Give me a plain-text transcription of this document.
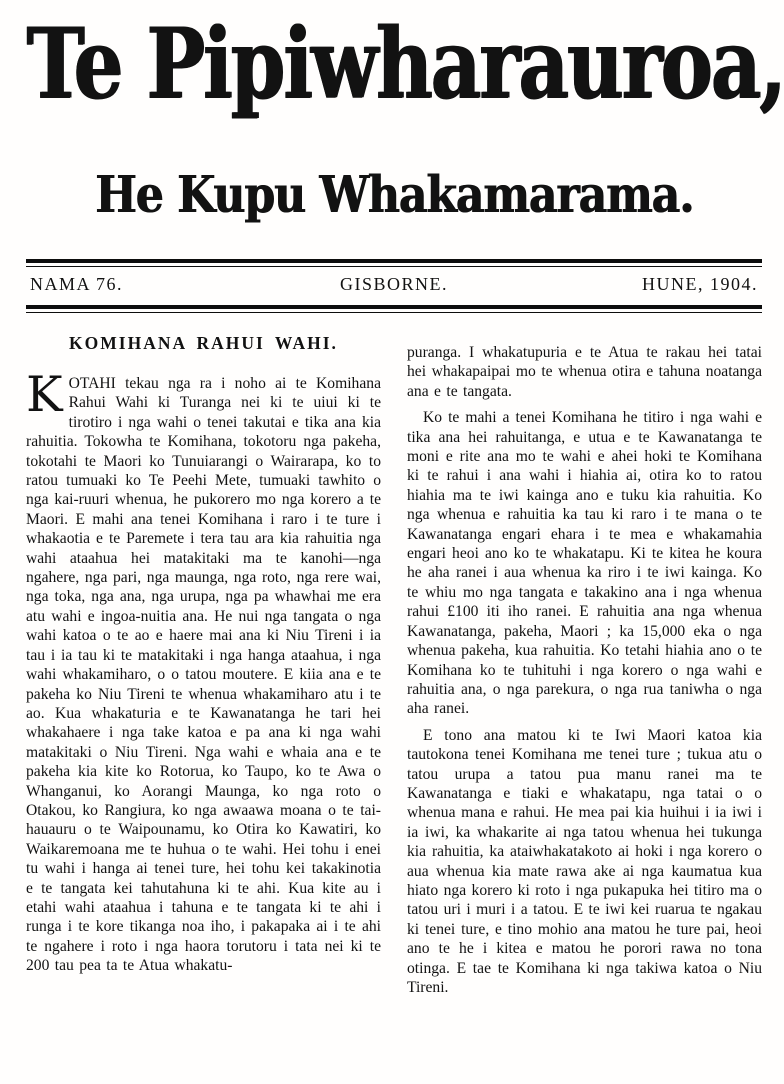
Te Pipiwharauroa,
He Kupu Whakamarama.
NAMA 76.	GISBORNE.	HUNE, 1904.
KOMIHANA RAHUI WAHI.
KOTAHI tekau nga ra i noho ai te Komihana Rahui Wahi ki Turanga nei ki te uiui ki te tirotiro i nga wahi o tenei takutai e tika ana kia rahuitia. Tokowha te Komihana, tokotoru nga pakeha, tokotahi te Maori ko Tunuiarangi o Wairarapa, ko to ratou tumuaki ko Te Peehi Mete, tumuaki tawhito o nga kai-ruuri whenua, he pukorero mo nga korero a te Maori. E mahi ana tenei Komihana i raro i te ture i whakaotia e te Paremete i tera tau ara kia rahuitia nga wahi ataahua hei matakitaki ma te kanohi—nga ngahere, nga pari, nga maunga, nga roto, nga rere wai, nga toka, nga ana, nga urupa, nga pa whawhai me era atu wahi e ingoa-nuitia ana. He nui nga tangata o nga wahi katoa o te ao e haere mai ana ki Niu Tireni i ia tau i ia tau ki te matakitaki i nga hanga ataahua, i nga wahi whakamiharo, o o tatou moutere. E kiia ana e te pakeha ko Niu Tireni te whenua whakamiharo atu i te ao. Kua whakaturia e te Kawanatanga he tari hei whakahaere i nga take katoa e pa ana ki nga wahi matakitaki o Niu Tireni. Nga wahi e whaia ana e te pakeha kia kite ko Rotorua, ko Taupo, ko te Awa o Whanganui, ko Aorangi Maunga, ko nga roto o Otakou, ko Rangiura, ko nga awaawa moana o te tai-hauauru o te Waipounamu, ko Otira ko Kawatiri, ko Waikaremoana me te huhua o te wahi. Hei tohu i enei tu wahi i hanga ai tenei ture, hei tohu kei takakinotia e te tangata kei tahutahuna ki te ahi. Kua kite au i etahi wahi ataahua i tahuna e te tangata ki te ahi i runga i te kore tikanga noa iho, i pakapaka ai i te ahi te ngahere i roto i nga haora torutoru i tata nei ki te 200 tau pea ta te Atua whakatu-

puranga. I whakatupuria e te Atua te rakau hei tatai hei whakapaipai mo te whenua otira e tahuna noatanga ana e te tangata.

Ko te mahi a tenei Komihana he titiro i nga wahi e tika ana hei rahuitanga, e utua e te Kawanatanga te moni e rite ana mo te wahi e ahei hoki te Komihana ki te rahui i ana wahi i hiahia ai, otira ko to ratou hiahia ma te iwi kainga ano e tuku kia rahuitia. Ko nga whenua e rahuitia ka tau ki raro i te mana o te Kawanatanga engari ehara i te mea e whakamahia engari heoi ano ko te whakatapu. Ki te kitea he koura he aha ranei i aua whenua ka riro i te iwi kainga. Ko te whiu mo nga tangata e takakino ana i nga whenua rahui £100 iti iho ranei. E rahuitia ana nga whenua Kawanatanga, pakeha, Maori ; ka 15,000 eka o nga whenua pakeha, kua rahuitia. Ko tetahi hiahia ano o te Komihana ko te tuhituhi i nga korero o nga wahi e rahuitia ana, o nga parekura, o nga rua taniwha o nga aha ranei.

E tono ana matou ki te Iwi Maori katoa kia tautokona tenei Komihana me tenei ture ; tukua atu o tatou urupa a tatou pua manu ranei ma te Kawanatanga e tiaki e whakatapu, nga tatai o o whenua mana e rahui. He mea pai kia huihui i ia iwi i ia iwi, ka whakarite ai nga tatou whenua hei tukunga kia rahuitia, ka ataiwhakatakoto ai hoki i nga korero o aua whenua kia mate rawa ake ai nga kaumatua kua hiato nga korero ki roto i nga pukapuka hei titiro ma o tatou uri i muri i a tatou. E te iwi kei ruarua te ngakau ki tenei ture, e tino mohio ana matou he ture pai, heoi ano te he i kitea e matou he porori rawa no tona otinga. E tae te Komihana ki nga takiwa katoa o Niu Tireni.
